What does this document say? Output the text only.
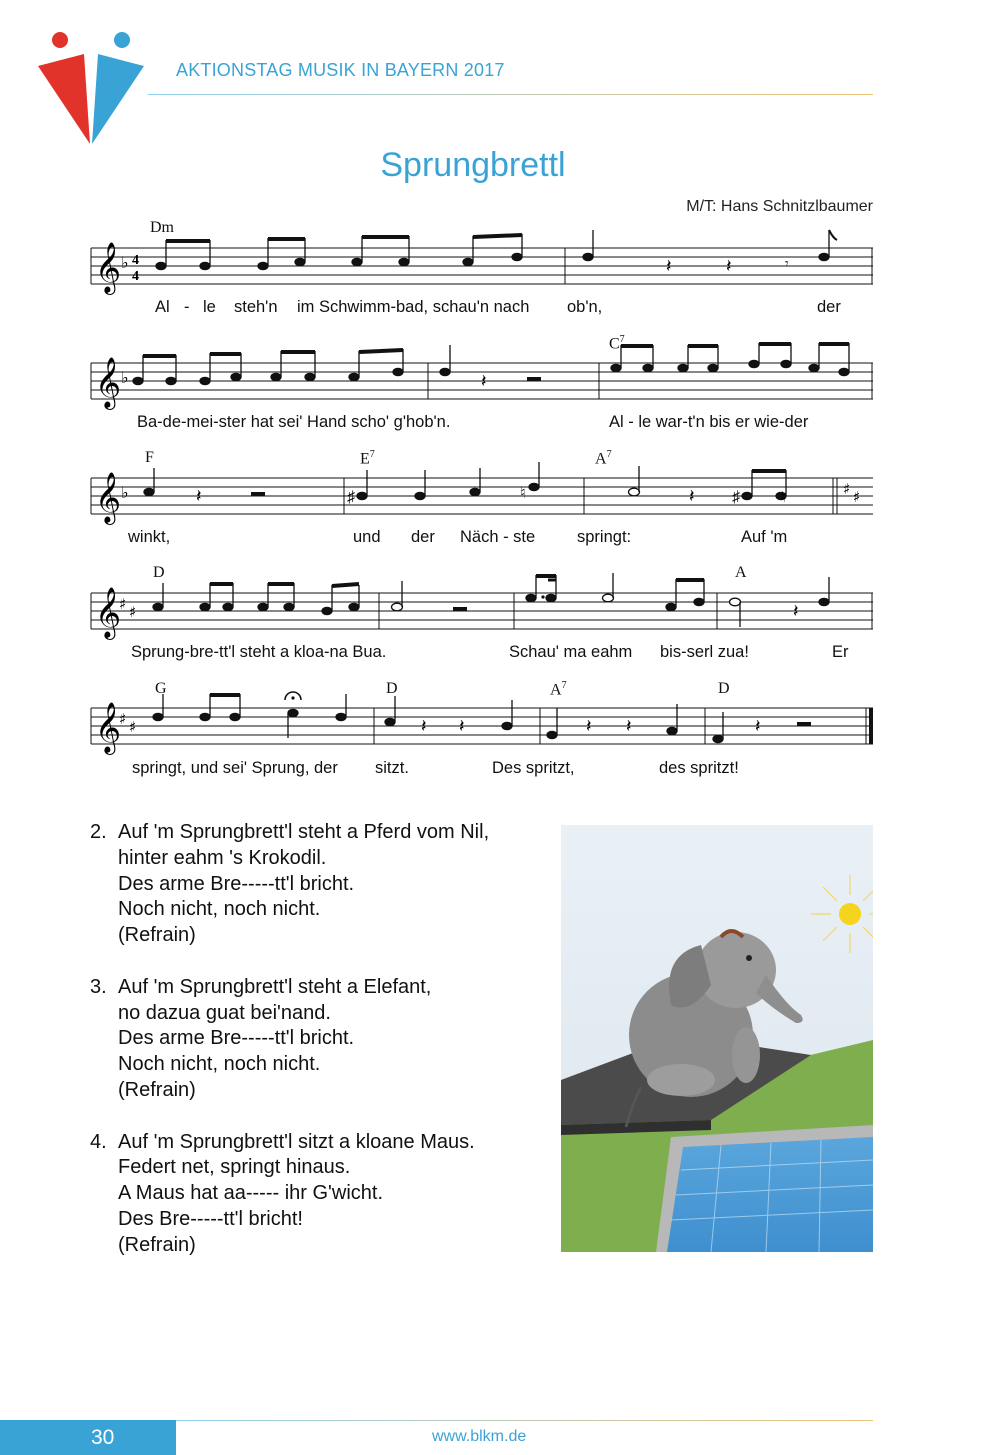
AKTIONSTAG MUSIK IN BAYERN 2017
Sprungbrettl
M/T: Hans Schnitzlbaumer
Dm
𝄞 ♭ 4
4	𝄽	𝄽	𝄾
Al - le steh'n im Schwimm-bad, schau'n nach ob'n,	der
$C^7$
𝄞 ♭	𝄽
Ba-de-mei-ster hat sei' Hand scho' g'hob'n.	Al - le war-t'n bis er wie-der
F	$E^7$	$A^7$
𝄞 ♭	♯	♮	♯	♮
𝄽	𝄽	♯ ♯
winkt,	und der Näch - ste	springt:	Auf 'm
D	A
𝄞
♯ ♯	𝄽
Sprung-bre-tt'l steht a kloa-na Bua.	Schau' ma eahm bis-serl zua!	Er
G	D	$A^7$	D
𝄞
♯ ♯	𝄽 𝄽	𝄽 𝄽	𝄽
springt, und sei' Sprung, der sitzt.	Des spritzt,	des spritzt!
2. Auf 'm Sprungbrett'l steht a Pferd vom Nil,
hinter eahm 's Krokodil.
Des arme Bre-----tt'l bricht.
Noch nicht, noch nicht.
(Refrain)
3. Auf 'm Sprungbrett'l steht a Elefant,
no dazua guat bei'nand.
Des arme Bre-----tt'l bricht.
Noch nicht, noch nicht.
(Refrain)
4. Auf 'm Sprungbrett'l sitzt a kloane Maus.
Federt net, springt hinaus.
A Maus hat aa----- ihr G'wicht.
Des Bre-----tt'l bricht!
(Refrain)
30	www.blkm.de
